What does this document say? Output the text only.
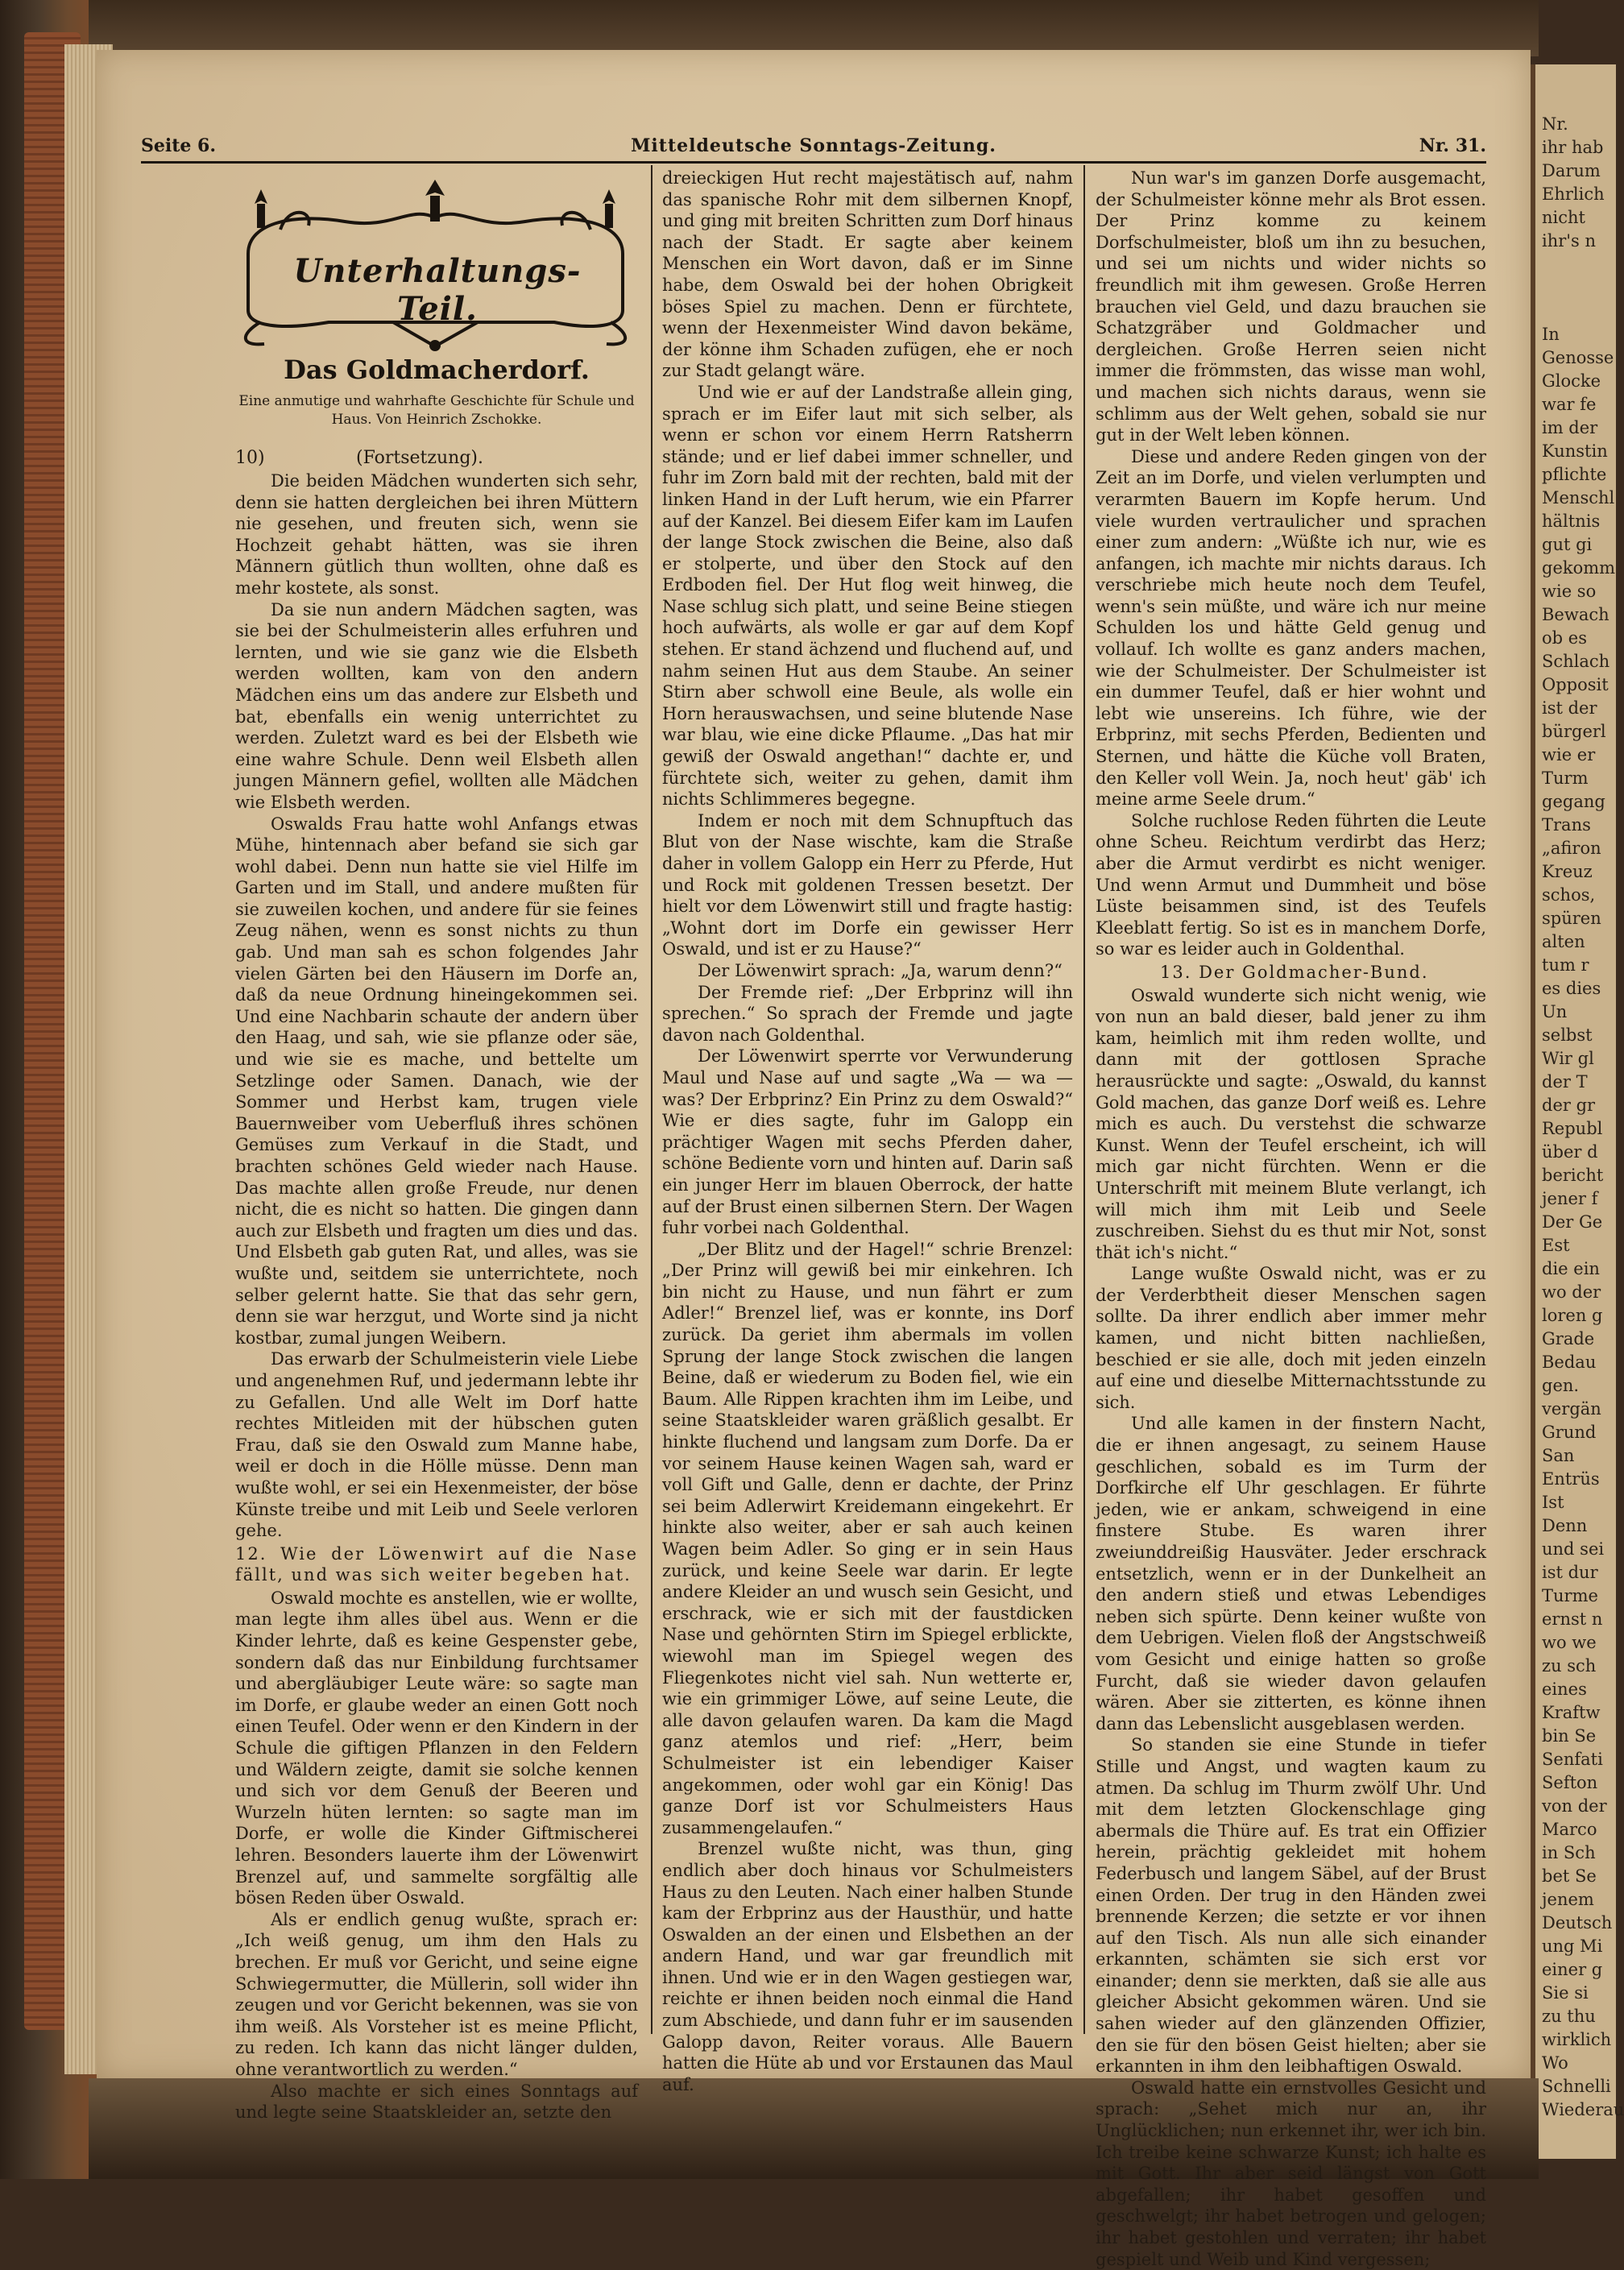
Nr.
ihr hab
Darum
Ehrlich
nicht
ihr's n

In
Genosse
Glocke
war fe
im der
Kunstin
pflichte
Menschl
hältnis
gut gi
gekomm
wie so
Bewach
ob es
Schlach
Opposit
ist der
bürgerl
wie er
Turm
gegang
Trans
„afiron
Kreuz
schos,
spüren
alten
tum r
es dies
Un
selbst
Wir gl
der T
der gr
Republ
über d
bericht
jener f
Der Ge
Est
die ein
wo der
loren g
Grade
Bedau
gen.
vergän
Grund
San
Entrüs
Ist
Denn
und sei
ist dur
Turme
ernst n
wo we
zu sch
eines
Kraftw
bin Se
Senfati
Sefton
von der
Marco
in Sch
bet Se
jenem
Deutsch
ung Mi
einer g
Sie si
zu thu
wirklich
Wo
Schnelli
Wiederau
Seite 6.	Mitteldeutsche Sonntags-Zeitung.	Nr. 31.
Unterhaltungs-Teil.
Das Goldmacherdorf.
Eine anmutige und wahrhafte Geschichte für Schule und Haus. Von Heinrich Zschokke.
10)	(Fortsetzung).

Die beiden Mädchen wunderten sich sehr, denn sie hatten dergleichen bei ihren Müttern nie gesehen, und freuten sich, wenn sie Hochzeit gehabt hätten, was sie ihren Männern gütlich thun wollten, ohne daß es mehr kostete, als sonst.

Da sie nun andern Mädchen sagten, was sie bei der Schulmeisterin alles erfuhren und lernten, und wie sie ganz wie die Elsbeth werden wollten, kam von den andern Mädchen eins um das andere zur Elsbeth und bat, ebenfalls ein wenig unterrichtet zu werden. Zuletzt ward es bei der Elsbeth wie eine wahre Schule. Denn weil Elsbeth allen jungen Männern gefiel, wollten alle Mädchen wie Elsbeth werden.

Oswalds Frau hatte wohl Anfangs etwas Mühe, hintennach aber befand sie sich gar wohl dabei. Denn nun hatte sie viel Hilfe im Garten und im Stall, und andere mußten für sie zuweilen kochen, und andere für sie feines Zeug nähen, wenn es sonst nichts zu thun gab. Und man sah es schon folgendes Jahr vielen Gärten bei den Häusern im Dorfe an, daß da neue Ordnung hineingekommen sei. Und eine Nachbarin schaute der andern über den Haag, und sah, wie sie pflanze oder säe, und wie sie es mache, und bettelte um Setzlinge oder Samen. Danach, wie der Sommer und Herbst kam, trugen viele Bauernweiber vom Ueberfluß ihres schönen Gemüses zum Verkauf in die Stadt, und brachten schönes Geld wieder nach Hause. Das machte allen große Freude, nur denen nicht, die es nicht so hatten. Die gingen dann auch zur Elsbeth und fragten um dies und das. Und Elsbeth gab guten Rat, und alles, was sie wußte und, seitdem sie unterrichtete, noch selber gelernt hatte. Sie that das sehr gern, denn sie war herzgut, und Worte sind ja nicht kostbar, zumal jungen Weibern.

Das erwarb der Schulmeisterin viele Liebe und angenehmen Ruf, und jedermann lebte ihr zu Gefallen. Und alle Welt im Dorf hatte rechtes Mitleiden mit der hübschen guten Frau, daß sie den Oswald zum Manne habe, weil er doch in die Hölle müsse. Denn man wußte wohl, er sei ein Hexenmeister, der böse Künste treibe und mit Leib und Seele verloren gehe.

12. Wie der Löwenwirt auf die Nase fällt, und was sich weiter begeben hat.

Oswald mochte es anstellen, wie er wollte, man legte ihm alles übel aus. Wenn er die Kinder lehrte, daß es keine Gespenster gebe, sondern daß das nur Einbildung furchtsamer und abergläubiger Leute wäre: so sagte man im Dorfe, er glaube weder an einen Gott noch einen Teufel. Oder wenn er den Kindern in der Schule die giftigen Pflanzen in den Feldern und Wäldern zeigte, damit sie solche kennen und sich vor dem Genuß der Beeren und Wurzeln hüten lernten: so sagte man im Dorfe, er wolle die Kinder Giftmischerei lehren. Besonders lauerte ihm der Löwenwirt Brenzel auf, und sammelte sorgfältig alle bösen Reden über Oswald.

Als er endlich genug wußte, sprach er: „Ich weiß genug, um ihm den Hals zu brechen. Er muß vor Gericht, und seine eigne Schwiegermutter, die Müllerin, soll wider ihn zeugen und vor Gericht bekennen, was sie von ihm weiß. Als Vorsteher ist es meine Pflicht, zu reden. Ich kann das nicht länger dulden, ohne verantwortlich zu werden.“

Also machte er sich eines Sonntags auf und legte seine Staatskleider an, setzte den

dreieckigen Hut recht majestätisch auf, nahm das spanische Rohr mit dem silbernen Knopf, und ging mit breiten Schritten zum Dorf hinaus nach der Stadt. Er sagte aber keinem Menschen ein Wort davon, daß er im Sinne habe, dem Oswald bei der hohen Obrigkeit böses Spiel zu machen. Denn er fürchtete, wenn der Hexenmeister Wind davon bekäme, der könne ihm Schaden zufügen, ehe er noch zur Stadt gelangt wäre.

Und wie er auf der Landstraße allein ging, sprach er im Eifer laut mit sich selber, als wenn er schon vor einem Herrn Ratsherrn stände; und er lief dabei immer schneller, und fuhr im Zorn bald mit der rechten, bald mit der linken Hand in der Luft herum, wie ein Pfarrer auf der Kanzel. Bei diesem Eifer kam im Laufen der lange Stock zwischen die Beine, also daß er stolperte, und über den Stock auf den Erdboden fiel. Der Hut flog weit hinweg, die Nase schlug sich platt, und seine Beine stiegen hoch aufwärts, als wolle er gar auf dem Kopf stehen. Er stand ächzend und fluchend auf, und nahm seinen Hut aus dem Staube. An seiner Stirn aber schwoll eine Beule, als wolle ein Horn herauswachsen, und seine blutende Nase war blau, wie eine dicke Pflaume. „Das hat mir gewiß der Oswald angethan!“ dachte er, und fürchtete sich, weiter zu gehen, damit ihm nichts Schlimmeres begegne.

Indem er noch mit dem Schnupftuch das Blut von der Nase wischte, kam die Straße daher in vollem Galopp ein Herr zu Pferde, Hut und Rock mit goldenen Tressen besetzt. Der hielt vor dem Löwenwirt still und fragte hastig: „Wohnt dort im Dorfe ein gewisser Herr Oswald, und ist er zu Hause?“

Der Löwenwirt sprach: „Ja, warum denn?“

Der Fremde rief: „Der Erbprinz will ihn sprechen.“ So sprach der Fremde und jagte davon nach Goldenthal.

Der Löwenwirt sperrte vor Verwunderung Maul und Nase auf und sagte „Wa — wa — was? Der Erbprinz? Ein Prinz zu dem Oswald?“ Wie er dies sagte, fuhr im Galopp ein prächtiger Wagen mit sechs Pferden daher, schöne Bediente vorn und hinten auf. Darin saß ein junger Herr im blauen Oberrock, der hatte auf der Brust einen silbernen Stern. Der Wagen fuhr vorbei nach Goldenthal.

„Der Blitz und der Hagel!“ schrie Brenzel: „Der Prinz will gewiß bei mir einkehren. Ich bin nicht zu Hause, und nun fährt er zum Adler!“ Brenzel lief, was er konnte, ins Dorf zurück. Da geriet ihm abermals im vollen Sprung der lange Stock zwischen die langen Beine, daß er wiederum zu Boden fiel, wie ein Baum. Alle Rippen krachten ihm im Leibe, und seine Staatskleider waren gräßlich gesalbt. Er hinkte fluchend und langsam zum Dorfe. Da er vor seinem Hause keinen Wagen sah, ward er voll Gift und Galle, denn er dachte, der Prinz sei beim Adlerwirt Kreidemann eingekehrt. Er hinkte also weiter, aber er sah auch keinen Wagen beim Adler. So ging er in sein Haus zurück, und keine Seele war darin. Er legte andere Kleider an und wusch sein Gesicht, und erschrack, wie er sich mit der faustdicken Nase und gehörnten Stirn im Spiegel erblickte, wiewohl man im Spiegel wegen des Fliegenkotes nicht viel sah. Nun wetterte er, wie ein grimmiger Löwe, auf seine Leute, die alle davon gelaufen waren. Da kam die Magd ganz atemlos und rief: „Herr, beim Schulmeister ist ein lebendiger Kaiser angekommen, oder wohl gar ein König! Das ganze Dorf ist vor Schulmeisters Haus zusammengelaufen.“

Brenzel wußte nicht, was thun, ging endlich aber doch hinaus vor Schulmeisters Haus zu den Leuten. Nach einer halben Stunde kam der Erbprinz aus der Hausthür, und hatte Oswalden an der einen und Elsbethen an der andern Hand, und war gar freundlich mit ihnen. Und wie er in den Wagen gestiegen war, reichte er ihnen beiden noch einmal die Hand zum Abschiede, und dann fuhr er im sausenden Galopp davon, Reiter voraus. Alle Bauern hatten die Hüte ab und vor Erstaunen das Maul auf.

Nun war's im ganzen Dorfe ausgemacht, der Schulmeister könne mehr als Brot essen. Der Prinz komme zu keinem Dorfschulmeister, bloß um ihn zu besuchen, und sei um nichts und wider nichts so freundlich mit ihm gewesen. Große Herren brauchen viel Geld, und dazu brauchen sie Schatzgräber und Goldmacher und dergleichen. Große Herren seien nicht immer die frömmsten, das wisse man wohl, und machen sich nichts daraus, wenn sie schlimm aus der Welt gehen, sobald sie nur gut in der Welt leben können.

Diese und andere Reden gingen von der Zeit an im Dorfe, und vielen verlumpten und verarmten Bauern im Kopfe herum. Und viele wurden vertraulicher und sprachen einer zum andern: „Wüßte ich nur, wie es anfangen, ich machte mir nichts daraus. Ich verschriebe mich heute noch dem Teufel, wenn's sein müßte, und wäre ich nur meine Schulden los und hätte Geld genug und vollauf. Ich wollte es ganz anders machen, wie der Schulmeister. Der Schulmeister ist ein dummer Teufel, daß er hier wohnt und lebt wie unsereins. Ich führe, wie der Erbprinz, mit sechs Pferden, Bedienten und Sternen, und hätte die Küche voll Braten, den Keller voll Wein. Ja, noch heut' gäb' ich meine arme Seele drum.“

Solche ruchlose Reden führten die Leute ohne Scheu. Reichtum verdirbt das Herz; aber die Armut verdirbt es nicht weniger. Und wenn Armut und Dummheit und böse Lüste beisammen sind, ist des Teufels Kleeblatt fertig. So ist es in manchem Dorfe, so war es leider auch in Goldenthal.

13. Der Goldmacher-Bund.

Oswald wunderte sich nicht wenig, wie von nun an bald dieser, bald jener zu ihm kam, heimlich mit ihm reden wollte, und dann mit der gottlosen Sprache herausrückte und sagte: „Oswald, du kannst Gold machen, das ganze Dorf weiß es. Lehre mich es auch. Du verstehst die schwarze Kunst. Wenn der Teufel erscheint, ich will mich gar nicht fürchten. Wenn er die Unterschrift mit meinem Blute verlangt, ich will mich ihm mit Leib und Seele zuschreiben. Siehst du es thut mir Not, sonst thät ich's nicht.“

Lange wußte Oswald nicht, was er zu der Verderbtheit dieser Menschen sagen sollte. Da ihrer endlich aber immer mehr kamen, und nicht bitten nachließen, beschied er sie alle, doch mit jeden einzeln auf eine und dieselbe Mitternachtsstunde zu sich.

Und alle kamen in der finstern Nacht, die er ihnen angesagt, zu seinem Hause geschlichen, sobald es im Turm der Dorfkirche elf Uhr geschlagen. Er führte jeden, wie er ankam, schweigend in eine finstere Stube. Es waren ihrer zweiunddreißig Hausväter. Jeder erschrack entsetzlich, wenn er in der Dunkelheit an den andern stieß und etwas Lebendiges neben sich spürte. Denn keiner wußte von dem Uebrigen. Vielen floß der Angstschweiß vom Gesicht und einige hatten so große Furcht, daß sie wieder davon gelaufen wären. Aber sie zitterten, es könne ihnen dann das Lebenslicht ausgeblasen werden.

So standen sie eine Stunde in tiefer Stille und Angst, und wagten kaum zu atmen. Da schlug im Thurm zwölf Uhr. Und mit dem letzten Glockenschlage ging abermals die Thüre auf. Es trat ein Offizier herein, prächtig gekleidet mit hohem Federbusch und langem Säbel, auf der Brust einen Orden. Der trug in den Händen zwei brennende Kerzen; die setzte er vor ihnen auf den Tisch. Als nun alle sich einander erkannten, schämten sie sich erst vor einander; denn sie merkten, daß sie alle aus gleicher Absicht gekommen wären. Und sie sahen wieder auf den glänzenden Offizier, den sie für den bösen Geist hielten; aber sie erkannten in ihm den leibhaftigen Oswald.

Oswald hatte ein ernstvolles Gesicht und sprach: „Sehet mich nur an, ihr Unglücklichen; nun erkennet ihr, wer ich bin. Ich treibe keine schwarze Kunst; ich halte es mit Gott. Ihr aber seid längst von Gott abgefallen; ihr habet gesoffen und geschwelgt; ihr habet betrogen und gelogen; ihr habet gestohlen und verraten; ihr habet gespielt und Weib und Kind vergessen;
